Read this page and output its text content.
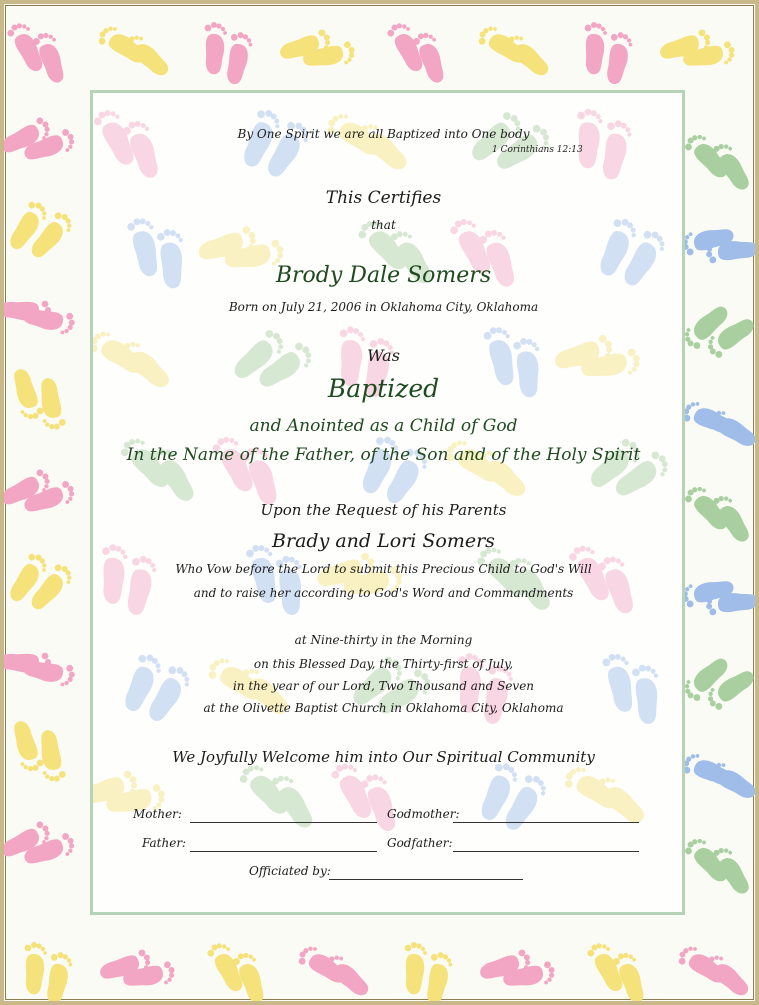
By One Spirit we are all Baptized into One body
1 Corinthians 12:13
This Certifies
that
Brody Dale Somers
Born on July 21, 2006 in Oklahoma City, Oklahoma
Was
Baptized
and Anointed as a Child of God
In the Name of the Father, of the Son and of the Holy Spirit
Upon the Request of his Parents
Brady and Lori Somers
Who Vow before the Lord to submit this Precious Child to God's Will
and to raise her according to God's Word and Commandments
at Nine-thirty in the Morning
on this Blessed Day, the Thirty-first of July,
in the year of our Lord, Two Thousand and Seven
at the Olivette Baptist Church in Oklahoma City, Oklahoma
We Joyfully Welcome him into Our Spiritual Community
Mother:	Godmother:
Father:	Godfather:
Officiated by:
